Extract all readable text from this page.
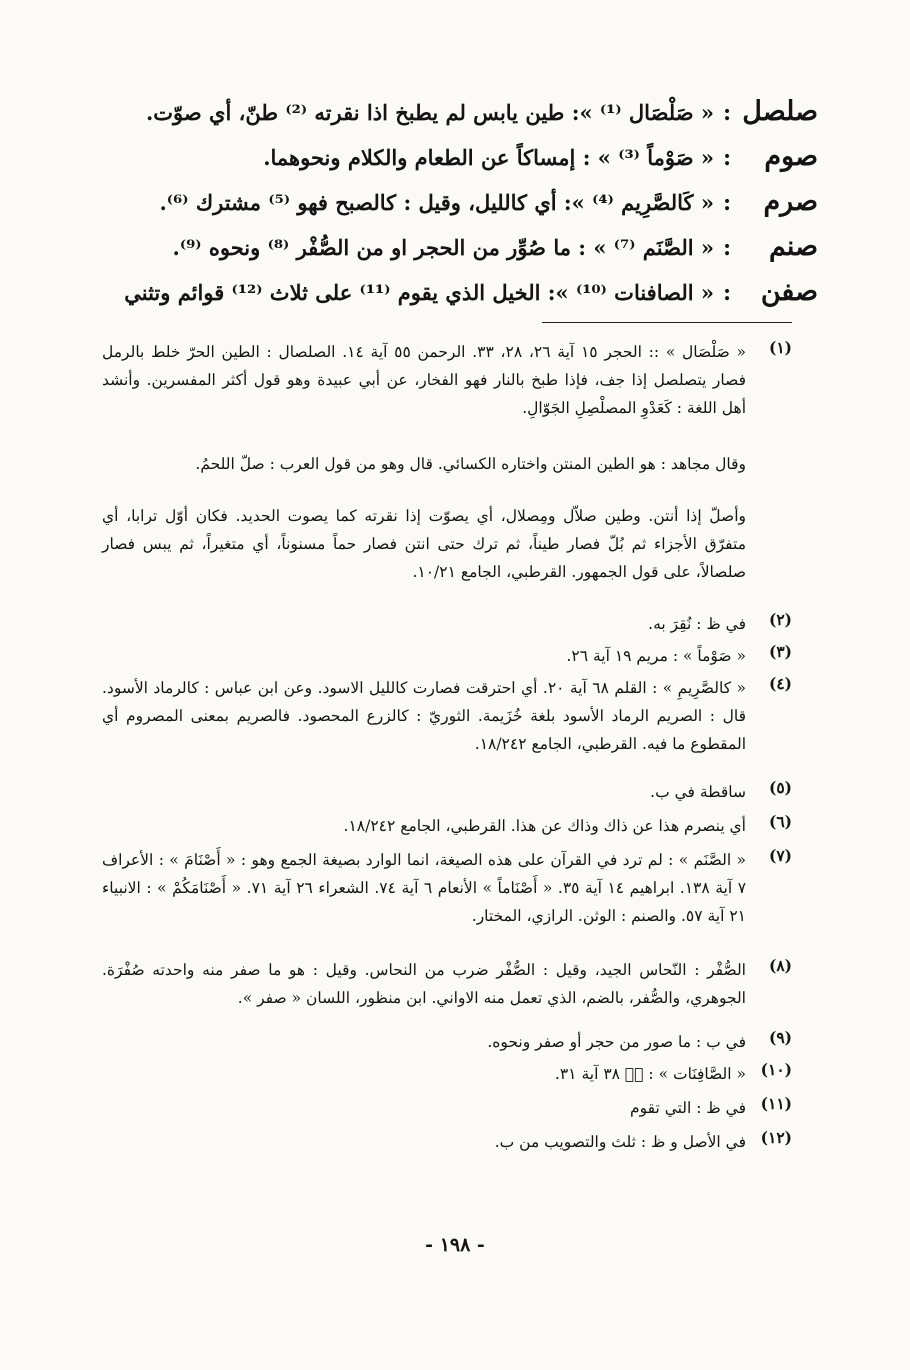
صلصل
:
« صَلْصَال ⁽¹⁾ »: طين يابس لم يطبخ اذا نقرته ⁽²⁾ طنّ، أي صوّت.
صوم
:
« صَوْماً ⁽³⁾ » : إمساكاً عن الطعام والكلام ونحوهما.
صرم
:
« كَالصَّرِيم ⁽⁴⁾ »: أي كالليل، وقيل : كالصبح فهو ⁽⁵⁾ مشترك ⁽⁶⁾.
صنم
:
« الصَّنَم ⁽⁷⁾ » : ما صُوِّر من الحجر او من الصُّفْر ⁽⁸⁾ ونحوه ⁽⁹⁾.
صفن
:
« الصافنات ⁽¹⁰⁾ »: الخيل الذي يقوم ⁽¹¹⁾ على ثلاث ⁽¹²⁾ قوائم وتثني
(١)

« صَلْصَال » :: الحجر ١٥ آية ٢٦، ٢٨، ٣٣. الرحمن ٥٥ آية ١٤. الصلصال : الطين الحرّ خلط بالرمل فصار يتصلصل إذا جف، فإذا طبخ بالنار فهو الفخار، عن أبي عبيدة وهو قول أكثر المفسرين. وأنشد أهل اللغة : كَعَدْوِ المصلْصِلِ الجَوّالِ.

وقال مجاهد : هو الطين المنتن واختاره الكسائي. قال وهو من قول العرب : صلّ اللحمُ.

وأصلّ إذا أنتن. وطين صلاّل ومِصلال، أي يصوّت إذا نقرته كما يصوت الحديد. فكان أوّل ترابا، أي متفرّق الأجزاء ثم بُلّ فصار طيناً، ثم ترك حتى انتن فصار حماً مسنوناً، أي متغيراً، ثم يبس فصار صلصالاً، على قول الجمهور. القرطبي، الجامع ١٠/٢١.

(٢)

في ظ : نُقِرَ به.

(٣)

« صَوْماً » : مريم ١٩ آية ٢٦.

(٤)

« كالصَّرِيمِ » : القلم ٦٨ آية ٢٠. أي احترقت فصارت كالليل الاسود. وعن ابن عباس : كالرماد الأسود. قال : الصريم الرماد الأسود بلغة خُزَيمة. الثوريّ : كالزرع المحصود. فالصريم بمعنى المصروم أي المقطوع ما فيه. القرطبي، الجامع ١٨/٢٤٢.

(٥)

ساقطة في ب.

(٦)

أي ينصرم هذا عن ذاك وذاك عن هذا. القرطبي، الجامع ١٨/٢٤٢.

(٧)

« الصَّنَم » : لم ترد في القرآن على هذه الصيغة، انما الوارد بصيغة الجمع وهو : « أَصْنَامَ » : الأعراف ٧ آية ١٣٨. ابراهيم ١٤ آية ٣٥. « أَصْنَاماً » الأنعام ٦ آية ٧٤. الشعراء ٢٦ آية ٧١. « أَصْنَامَكُمْ » : الانبياء ٢١ آية ٥٧. والصنم : الوثن. الرازي، المختار.

(٨)

الصُّفْر : النّحاس الجيد، وقيل : الصُّفْر ضرب من النحاس. وقيل : هو ما صفر منه واحدته صُفْرَة. الجوهري، والصُّفر، بالضم، الذي تعمل منه الاواني. ابن منظور، اللسان « صفر ».

(٩)

في ب : ما صور من حجر أو صفر ونحوه.

(١٠)

« الصَّافِنَات » : صۤ ٣٨ آية ٣١.

(١١)

في ظ : التي تقوم

(١٢)

في الأصل و ظ : ثلث والتصويب من ب.

- ١٩٨ -
